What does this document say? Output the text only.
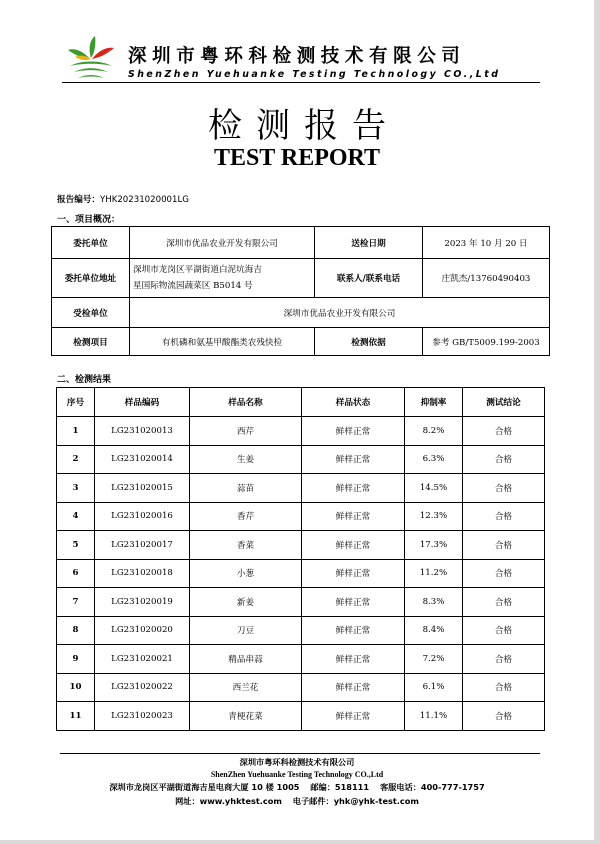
深圳市粤环科检测技术有限公司
ShenZhen Yuehuanke Testing Technology CO.,Ltd
检测报告
TEST REPORT
报告编号：YHK20231020001LG
一、项目概况：
委托单位	深圳市优品农业开发有限公司	送检日期	2023 年 10 月 20 日
委托单位地址	深圳市龙岗区平湖街道白泥坑海吉
星国际物流园蔬菜区 B5014 号	联系人/联系电话	庄凯杰/13760490403
受检单位	深圳市优品农业开发有限公司		
检测项目	有机磷和氨基甲酸酯类农残快检	检测依据	参考 GB/T5009.199-2003
二、检测结果
序号	样品编码	样品名称	样品状态	抑制率	测试结论
1	LG231020013	西芹	鲜样正常	8.2%	合格
2	LG231020014	生姜	鲜样正常	6.3%	合格
3	LG231020015	蒜苗	鲜样正常	14.5%	合格
4	LG231020016	香芹	鲜样正常	12.3%	合格
5	LG231020017	香菜	鲜样正常	17.3%	合格
6	LG231020018	小葱	鲜样正常	11.2%	合格
7	LG231020019	新姜	鲜样正常	8.3%	合格
8	LG231020020	刀豆	鲜样正常	8.4%	合格
9	LG231020021	精品串蒜	鲜样正常	7.2%	合格
10	LG231020022	西兰花	鲜样正常	6.1%	合格
11	LG231020023	青梗花菜	鲜样正常	11.1%	合格
深圳市粤环科检测技术有限公司
ShenZhen Yuehuanke Testing Technology CO.,Ltd
深圳市龙岗区平湖街道海吉星电商大厦 10 楼 1005 邮编：518111 客服电话：400-777-1757
网址：www.yhktest.com 电子邮件：yhk@yhk-test.com
